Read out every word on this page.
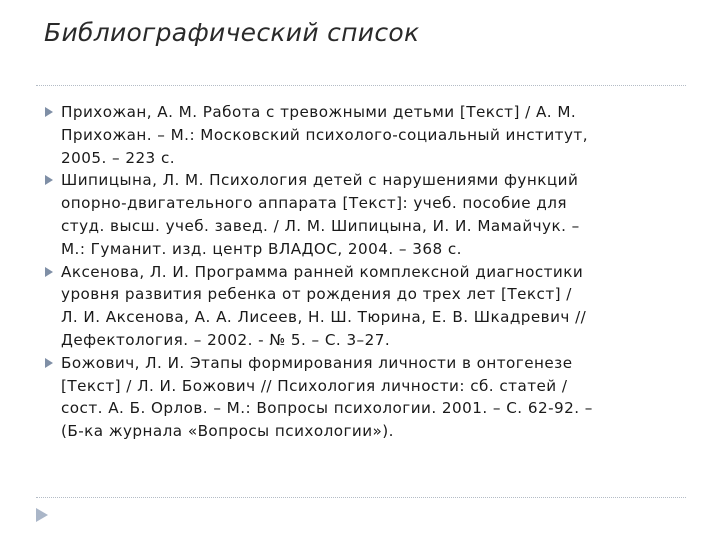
Библиографический список
Прихожан, А. М. Работа с тревожными детьми [Текст] / А. М.
Прихожан. – М.: Московский психолого-социальный институт,
2005. – 223 с.
Шипицына, Л. М. Психология детей с нарушениями функций
опорно-двигательного аппарата [Текст]: учеб. пособие для
студ. высш. учеб. завед. / Л. М. Шипицына, И. И. Мамайчук. –
М.: Гуманит. изд. центр ВЛАДОС, 2004. – 368 с.
Аксенова, Л. И. Программа ранней комплексной диагностики
уровня развития ребенка от рождения до трех лет [Текст] /
Л. И. Аксенова, А. А. Лисеев, Н. Ш. Тюрина, Е. В. Шкадревич //
Дефектология. – 2002. - № 5. – С. 3–27.
Божович, Л. И. Этапы формирования личности в онтогенезе
[Текст] / Л. И. Божович // Психология личности: сб. статей /
сост. А. Б. Орлов. – М.: Вопросы психологии. 2001. – С. 62-92. –
(Б-ка журнала «Вопросы психологии»).
